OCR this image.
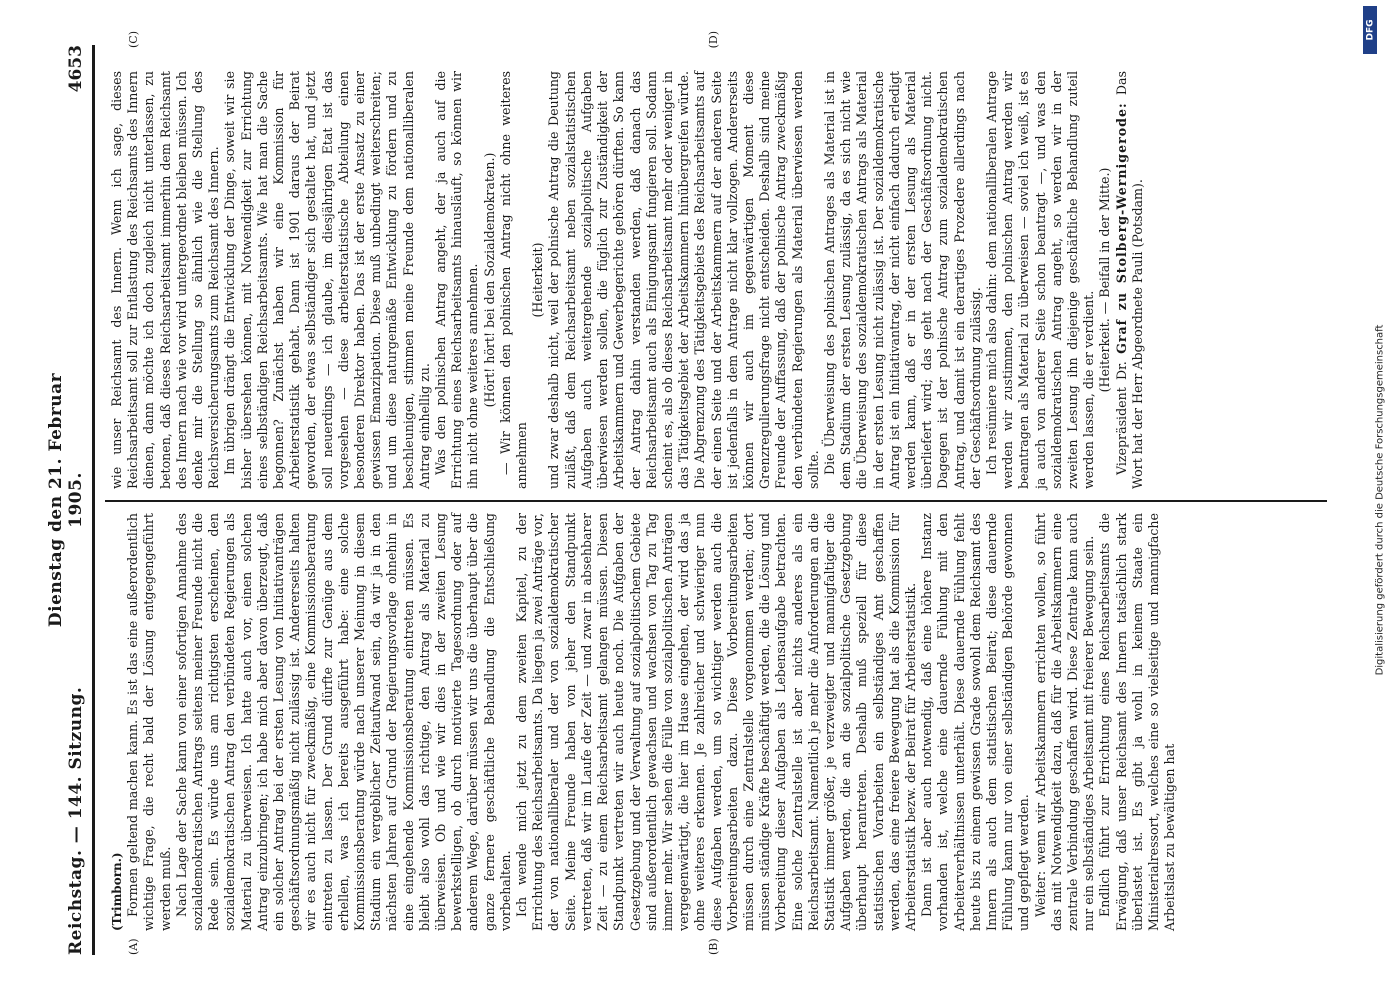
Reichstag. — 144. Sitzung.
Dienstag den 21. Februar 1905.
4653

(Trimborn.) Formen geltend machen kann. Es ist das eine außerordentlich wichtige Frage, die recht bald der Lösung entgegengeführt werden muß. Nach Lage der Sache kann von einer sofortigen Annahme des sozialdemokratischen Antrags seitens meiner Freunde nicht die Rede sein. Es würde uns am richtigsten erscheinen, den sozialdemokratischen Antrag den verbündeten Regierungen als Material zu überweisen. Ich hatte auch vor, einen solchen Antrag einzubringen; ich habe mich aber davon überzeugt, daß ein solcher Antrag bei der ersten Lesung von Initiativanträgen geschäftsordnungsmäßig nicht zulässig ist. Andererseits halten wir es auch nicht für zweckmäßig, eine Kommissionsberatung eintreten zu lassen. Der Grund dürfte zur Genüge aus dem erhellen, was ich bereits ausgeführt habe: eine solche Kommissionsberatung würde nach unserer Meinung in diesem Stadium ein vergeblicher Zeitaufwand sein, da wir ja in den nächsten Jahren auf Grund der Regierungsvorlage ohnehin in eine eingehende Kommissionsberatung eintreten müssen. Es bleibt also wohl das richtige, den Antrag als Material zu überweisen. Ob und wie wir dies in der zweiten Lesung bewerkstelligen, ob durch motivierte Tagesordnung oder auf anderem Wege, darüber müssen wir uns die überhaupt über die ganze fernere geschäftliche Behandlung die Entschließung vorbehalten. Ich wende mich jetzt zu dem zweiten Kapitel, zu der Errichtung des Reichsarbeitsamts. Da liegen ja zwei Anträge vor, der von nationalliberaler und der von sozialdemokratischer Seite. Meine Freunde haben von jeher den Standpunkt vertreten, daß wir im Laufe der Zeit — und zwar in absehbarer Zeit — zu einem Reichsarbeitsamt gelangen müssen. Diesen Standpunkt vertreten wir auch heute noch. Die Aufgaben der Gesetzgebung und der Verwaltung auf sozialpolitischem Gebiete sind außerordentlich gewachsen und wachsen von Tag zu Tag immer mehr. Wir sehen die Fülle von sozialpolitischen Anträgen vergegenwärtigt, die hier im Hause eingehen, der wird das ja ohne weiteres erkennen. Je zahlreicher und schwieriger nun diese Aufgaben werden, um so wichtiger werden auch die Vorbereitungsarbeiten dazu. Diese Vorbereitungsarbeiten müssen durch eine Zentralstelle vorgenommen werden; dort müssen ständige Kräfte beschäftigt werden, die die Lösung und Vorbereitung dieser Aufgaben als Lebensaufgabe betrachten. Eine solche Zentralstelle ist aber nichts anderes als ein Reichsarbeitsamt. Namentlich je mehr die Anforderungen an die Statistik immer größer, je verzweigter und mannigfaltiger die Aufgaben werden, die an die sozialpolitische Gesetzgebung überhaupt herantreten. Deshalb muß speziell für diese statistischen Vorarbeiten ein selbständiges Amt geschaffen werden, das eine freiere Bewegung hat als die Kommission für Arbeiterstatistik bezw. der Beirat für Arbeiterstatistik. Dann ist aber auch notwendig, daß eine höhere Instanz vorhanden ist, welche eine dauernde Fühlung mit den Arbeiterverhältnissen unterhält. Diese dauernde Fühlung fehlt heute bis zu einem gewissen Grade sowohl dem Reichsamt des Innern als auch dem statistischen Beirat; diese dauernde Fühlung kann nur von einer selbständigen Behörde gewonnen und gepflegt werden. Weiter: wenn wir Arbeitskammern errichten wollen, so führt das mit Notwendigkeit dazu, daß für die Arbeitskammern eine zentrale Verbindung geschaffen wird. Diese Zentrale kann auch nur ein selbständiges Arbeitsamt mit freierer Bewegung sein. Endlich führt zur Errichtung eines Reichsarbeitsamts die Erwägung, daß unser Reichsamt des Innern tatsächlich stark überlastet ist. Es gibt ja wohl in keinem Staate ein Ministerialressort, welches eine so vielseitige und mannigfache Arbeitslast zu bewältigen hat

wie unser Reichsamt des Innern. Wenn ich sage, dieses Reichsarbeitsamt soll zur Entlastung des Reichsamts des Innern dienen, dann möchte ich doch zugleich nicht unterlassen, zu betonen, daß dieses Reichsarbeitsamt immerhin dem Reichsamt des Innern nach wie vor wird untergeordnet bleiben müssen. Ich denke mir die Stellung so ähnlich wie die Stellung des Reichsversicherungsamts zum Reichsamt des Innern. Im übrigen drängt die Entwicklung der Dinge, soweit wir sie bisher übersehen können, mit Notwendigkeit zur Errichtung eines selbständigen Reichsarbeitsamts. Wie hat man die Sache begonnen? Zunächst haben wir eine Kommission für Arbeiterstatistik gehabt. Dann ist 1901 daraus der Beirat geworden, der etwas selbständiger sich gestaltet hat, und jetzt soll neuerdings — ich glaube, im diesjährigen Etat ist das vorgesehen — diese arbeiterstatistische Abteilung einen besonderen Direktor haben. Das ist der erste Ansatz zu einer gewissen Emanzipation. Diese muß unbedingt weiterschreiten; und um diese naturgemäße Entwicklung zu fördern und zu beschleunigen, stimmen meine Freunde dem nationalliberalen Antrag einhellig zu. Was den polnischen Antrag angeht, der ja auch auf die Errichtung eines Reichsarbeitsamts hinausläuft, so können wir ihn nicht ohne weiteres annehmen. (Hört! hört! bei den Sozialdemokraten.) — Wir können den polnischen Antrag nicht ohne weiteres annehmen

(Heiterkeit) und zwar deshalb nicht, weil der polnische Antrag die Deutung zuläßt, daß dem Reichsarbeitsamt neben sozialstatistischen Aufgaben auch weitergehende sozialpolitische Aufgaben überwiesen werden sollen, die füglich zur Zuständigkeit der Arbeitskammern und Gewerbegerichte gehören dürften. So kann der Antrag dahin verstanden werden, daß danach das Reichsarbeitsamt auch als Einigungsamt fungieren soll. Sodann scheint es, als ob dieses Reichsarbeitsamt mehr oder weniger in das Tätigkeitsgebiet der Arbeitskammern hinübergreifen würde. Die Abgrenzung des Tätigkeitsgebiets des Reichsarbeitsamts auf der einen Seite und der Arbeitskammern auf der anderen Seite ist jedenfalls in dem Antrage nicht klar vollzogen. Andererseits können wir auch im gegenwärtigen Moment diese Grenzregulierungsfrage nicht entscheiden. Deshalb sind meine Freunde der Auffassung, daß der polnische Antrag zweckmäßig den verbündeten Regierungen als Material überwiesen werden sollte. Die Überweisung des polnischen Antrages als Material ist in dem Stadium der ersten Lesung zulässig, da es sich nicht wie die Überweisung des sozialdemokratischen Antrags als Material in der ersten Lesung nicht zulässig ist. Der sozialdemokratische Antrag ist ein Initiativantrag, der nicht einfach dadurch erledigt werden kann, daß er in der ersten Lesung als Material überliefert wird; das geht nach der Geschäftsordnung nicht. Dagegen ist der polnische Antrag zum sozialdemokratischen Antrag, und damit ist ein derartiges Prozedere allerdings nach der Geschäftsordnung zulässig. Ich resümiere mich also dahin: dem nationalliberalen Antrage werden wir zustimmen, den polnischen Antrag werden wir beantragen als Material zu überweisen — soviel ich weiß, ist es ja auch von anderer Seite schon beantragt —, und was den sozialdemokratischen Antrag angeht, so werden wir in der zweiten Lesung ihn diejenige geschäftliche Behandlung zuteil werden lassen, die er verdient. (Heiterkeit. — Beifall in der Mitte.)

Vizepräsident Dr. Graf zu Stolberg-Wernigerode: Das Wort hat der Herr Abgeordnete Pauli (Potsdam).

(A)	(B)
(C)	(D)
Digitalisierung gefördert durch die Deutsche Forschungsgemeinschaft
DFG
